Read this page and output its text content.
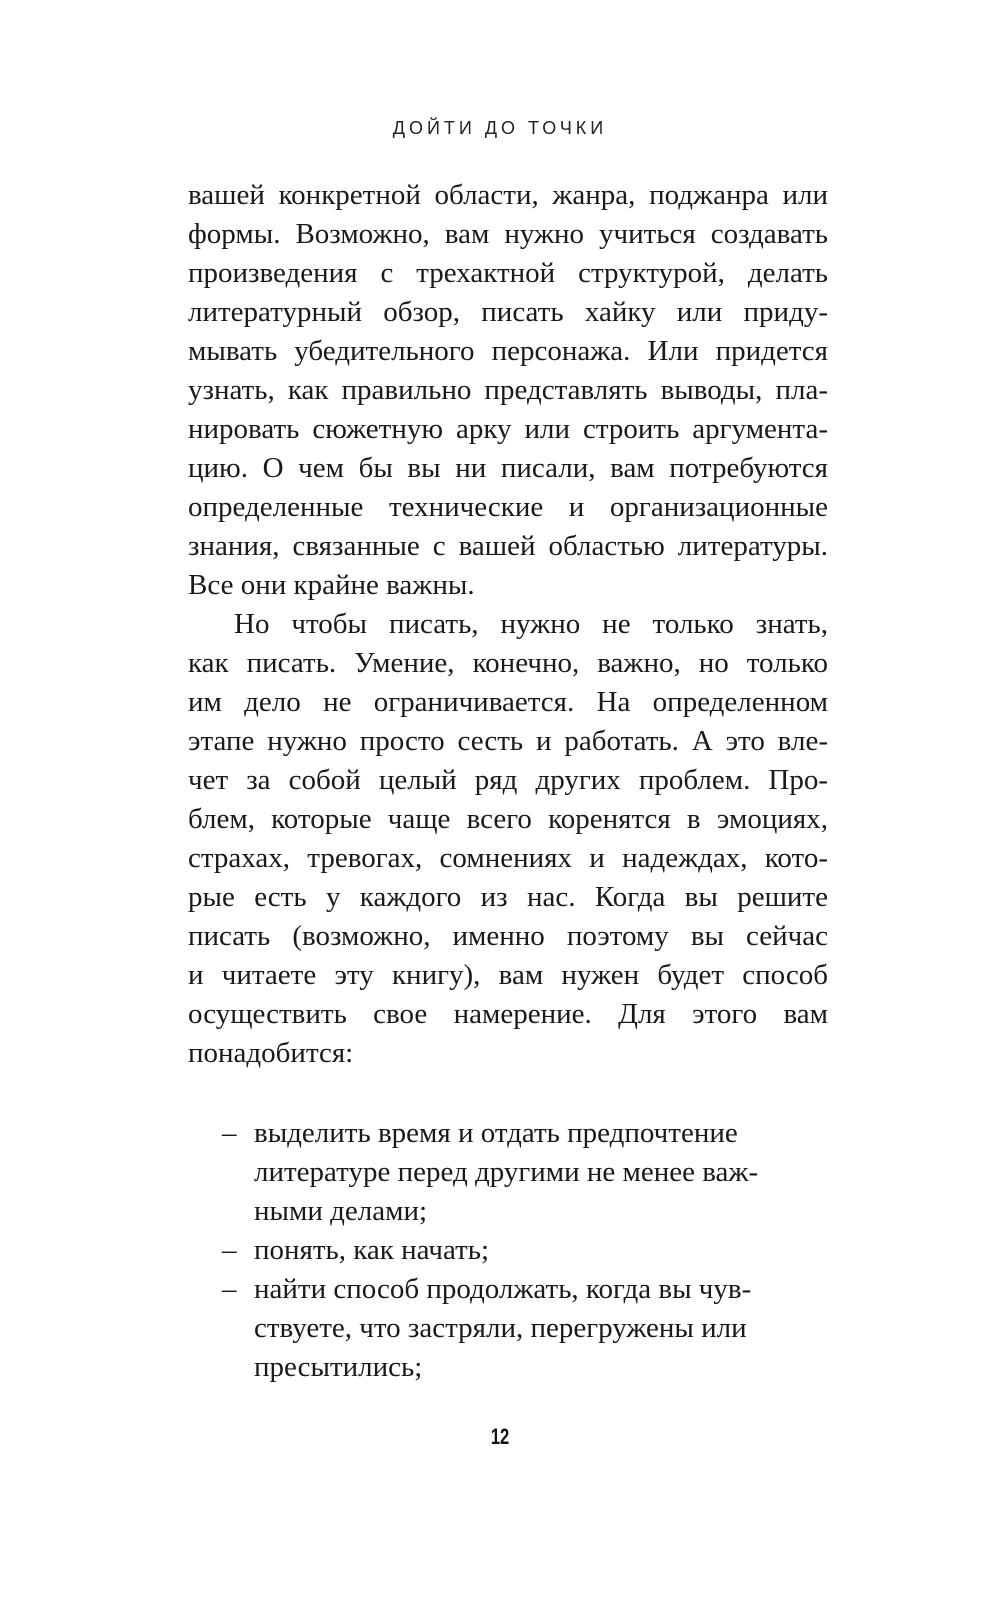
ДОЙТИ ДО ТОЧКИ
вашей конкретной области, жанра, поджанра или
формы. Возможно, вам нужно учиться создавать
произведения с трехактной структурой, делать
литературный обзор, писать хайку или приду-
мывать убедительного персонажа. Или придется
узнать, как правильно представлять выводы, пла-
нировать сюжетную арку или строить аргумента-
цию. О чем бы вы ни писали, вам потребуются
определенные технические и организационные
знания, связанные с вашей областью литературы.
Все они крайне важны.
Но чтобы писать, нужно не только знать,
как писать. Умение, конечно, важно, но только
им дело не ограничивается. На определенном
этапе нужно просто сесть и работать. А это вле-
чет за собой целый ряд других проблем. Про-
блем, которые чаще всего коренятся в эмоциях,
страхах, тревогах, сомнениях и надеждах, кото-
рые есть у каждого из нас. Когда вы решите
писать (возможно, именно поэтому вы сейчас
и читаете эту книгу), вам нужен будет способ
осуществить свое намерение. Для этого вам
понадобится:
– выделить время и отдать предпочтение
литературе перед другими не менее важ-
ными делами;
– понять, как начать;
– найти способ продолжать, когда вы чув-
ствуете, что застряли, перегружены или
пресытились;
12
